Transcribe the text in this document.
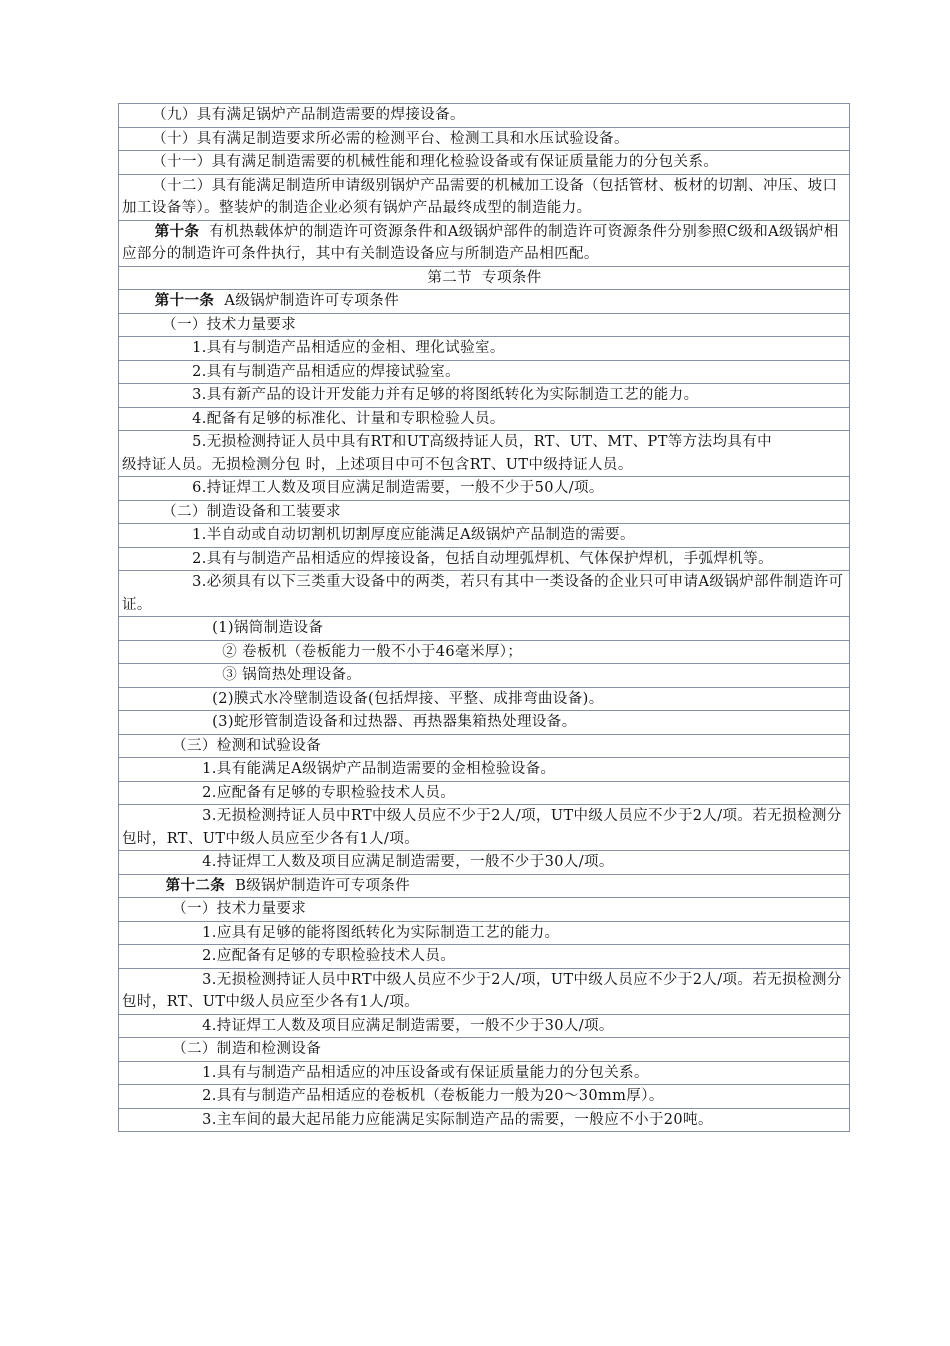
（九）具有满足锅炉产品制造需要的焊接设备。
（十）具有满足制造要求所必需的检测平台、检测工具和水压试验设备。
（十一）具有满足制造需要的机械性能和理化检验设备或有保证质量能力的分包关系。
（十二）具有能满足制造所申请级别锅炉产品需要的机械加工设备（包括管材、板材的切割、冲压、坡口加工设备等）。整装炉的制造企业必须有锅炉产品最终成型的制造能力。
第十条  有机热载体炉的制造许可资源条件和A级锅炉部件的制造许可资源条件分别参照C级和A级锅炉相应部分的制造许可条件执行，其中有关制造设备应与所制造产品相匹配。
第二节  专项条件
第十一条  A级锅炉制造许可专项条件
（一）技术力量要求
1.具有与制造产品相适应的金相、理化试验室。
2.具有与制造产品相适应的焊接试验室。
3.具有新产品的设计开发能力并有足够的将图纸转化为实际制造工艺的能力。
4.配备有足够的标准化、计量和专职检验人员。
5.无损检测持证人员中具有RT和UT高级持证人员，RT、UT、MT、PT等方法均具有中
级持证人员。无损检测分包 时，上述项目中可不包含RT、UT中级持证人员。
6.持证焊工人数及项目应满足制造需要，一般不少于50人/项。
（二）制造设备和工装要求
1.半自动或自动切割机切割厚度应能满足A级锅炉产品制造的需要。
2.具有与制造产品相适应的焊接设备，包括自动埋弧焊机、气体保护焊机，手弧焊机等。
3.必须具有以下三类重大设备中的两类，若只有其中一类设备的企业只可申请A级锅炉部件制造许可证。
(1)锅筒制造设备
② 卷板机（卷板能力一般不小于46毫米厚）；
③ 锅筒热处理设备。
(2)膜式水冷壁制造设备(包括焊接、平整、成排弯曲设备)。
(3)蛇形管制造设备和过热器、再热器集箱热处理设备。
（三）检测和试验设备
1.具有能满足A级锅炉产品制造需要的金相检验设备。
2.应配备有足够的专职检验技术人员。
3.无损检测持证人员中RT中级人员应不少于2人/项，UT中级人员应不少于2人/项。若无损检测分包时，RT、UT中级人员应至少各有1人/项。
4.持证焊工人数及项目应满足制造需要，一般不少于30人/项。
第十二条  B级锅炉制造许可专项条件
（一）技术力量要求
1.应具有足够的能将图纸转化为实际制造工艺的能力。
2.应配备有足够的专职检验技术人员。
3.无损检测持证人员中RT中级人员应不少于2人/项，UT中级人员应不少于2人/项。若无损检测分包时，RT、UT中级人员应至少各有1人/项。
4.持证焊工人数及项目应满足制造需要，一般不少于30人/项。
（二）制造和检测设备
1.具有与制造产品相适应的冲压设备或有保证质量能力的分包关系。
2.具有与制造产品相适应的卷板机（卷板能力一般为20～30mm厚）。
3.主车间的最大起吊能力应能满足实际制造产品的需要，一般应不小于20吨。
